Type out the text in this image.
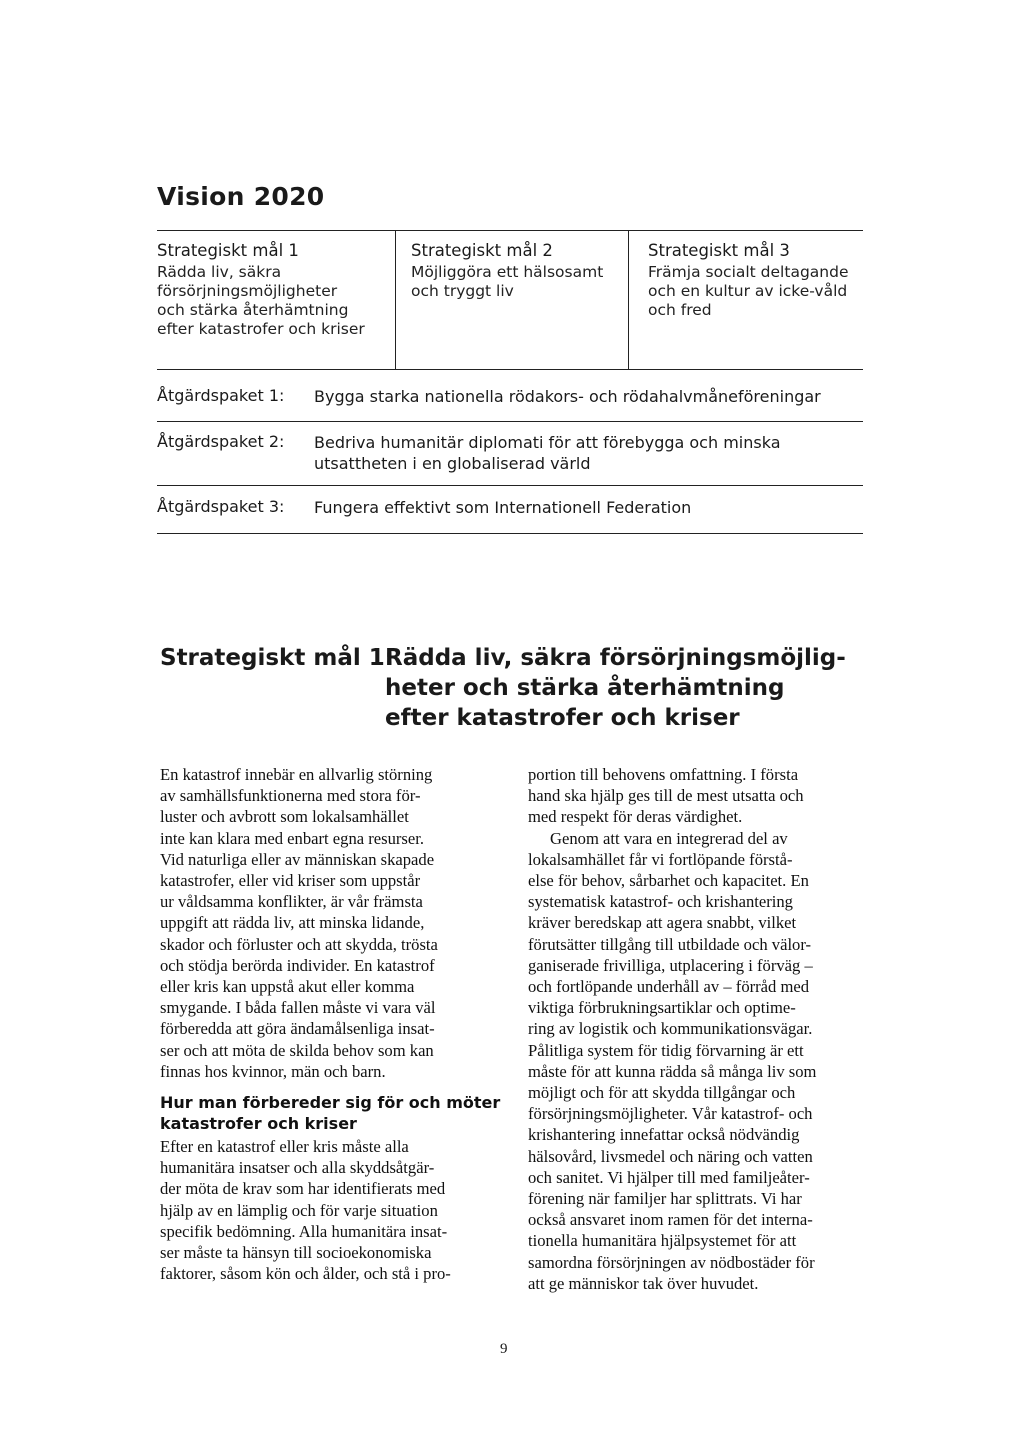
Vision 2020
Strategiskt mål 1
Rädda liv, säkra
försörjningsmöjligheter
och stärka återhämtning
efter katastrofer och kriser
Strategiskt mål 2
Möjliggöra ett hälsosamt
och tryggt liv
Strategiskt mål 3
Främja socialt deltagande
och en kultur av icke-våld
och fred
Åtgärdspaket 1: Bygga starka nationella rödakors- och rödahalvmåneföreningar
Åtgärdspaket 2: Bedriva humanitär diplomati för att förebygga och minska
utsattheten i en globaliserad värld
Åtgärdspaket 3: Fungera effektivt som Internationell Federation
Strategiskt mål 1:
Rädda liv, säkra försörjningsmöjlig-
heter och stärka återhämtning
efter katastrofer och kriser

En katastrof innebär en allvarlig störning
av samhällsfunktionerna med stora för-
luster och avbrott som lokalsamhället
inte kan klara med enbart egna resurser.
Vid naturliga eller av människan skapade
katastrofer, eller vid kriser som uppstår
ur våldsamma konflikter, är vår främsta
uppgift att rädda liv, att minska lidande,
skador och förluster och att skydda, trösta
och stödja berörda individer. En katastrof
eller kris kan uppstå akut eller komma
smygande. I båda fallen måste vi vara väl
förberedda att göra ändamålsenliga insat-
ser och att möta de skilda behov som kan
finnas hos kvinnor, män och barn.

Hur man förbereder sig för och möter
katastrofer och kriser

Efter en katastrof eller kris måste alla
humanitära insatser och alla skyddsåtgär-
der möta de krav som har identifierats med
hjälp av en lämplig och för varje situation
specifik bedömning. Alla humanitära insat-
ser måste ta hänsyn till socioekonomiska
faktorer, såsom kön och ålder, och stå i pro-

portion till behovens omfattning. I första
hand ska hjälp ges till de mest utsatta och
med respekt för deras värdighet.

Genom att vara en integrerad del av
lokalsamhället får vi fortlöpande förstå-
else för behov, sårbarhet och kapacitet. En
systematisk katastrof- och krishantering
kräver beredskap att agera snabbt, vilket
förutsätter tillgång till utbildade och välor-
ganiserade frivilliga, utplacering i förväg –
och fortlöpande underhåll av – förråd med
viktiga förbrukningsartiklar och optime-
ring av logistik och kommunikationsvägar.
Pålitliga system för tidig förvarning är ett
måste för att kunna rädda så många liv som
möjligt och för att skydda tillgångar och
försörjningsmöjligheter. Vår katastrof- och
krishantering innefattar också nödvändig
hälsovård, livsmedel och näring och vatten
och sanitet. Vi hjälper till med familjeåter-
förening när familjer har splittrats. Vi har
också ansvaret inom ramen för det interna-
tionella humanitära hjälpsystemet för att
samordna försörjningen av nödbostäder för
att ge människor tak över huvudet.

9
